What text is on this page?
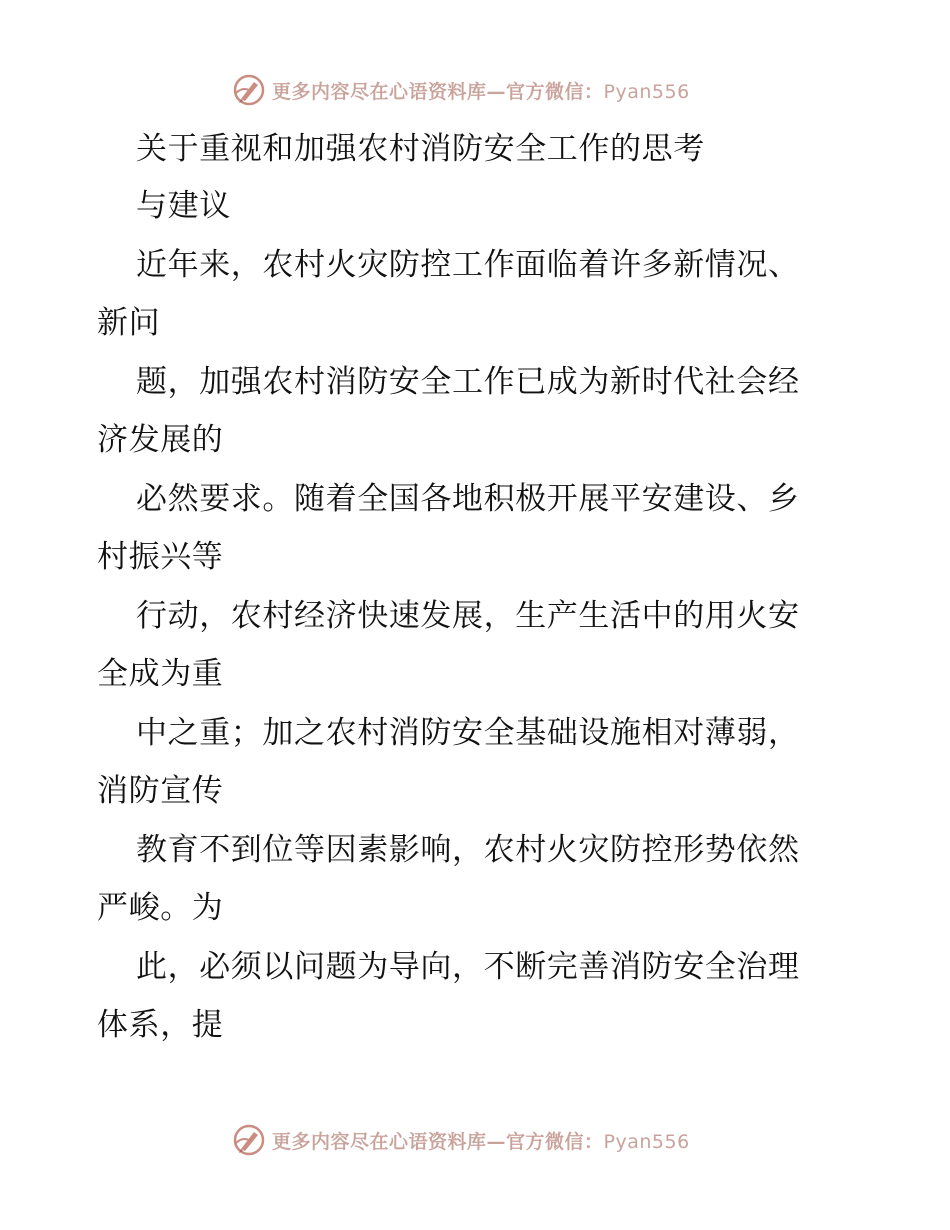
更多内容尽在心语资料库—官方微信：Pyan556
关于重视和加强农村消防安全工作的思考
与建议
近年来，农村火灾防控工作面临着许多新情况、
新问
题，加强农村消防安全工作已成为新时代社会经
济发展的
必然要求。随着全国各地积极开展平安建设、乡
村振兴等
行动，农村经济快速发展，生产生活中的用火安
全成为重
中之重；加之农村消防安全基础设施相对薄弱，
消防宣传
教育不到位等因素影响，农村火灾防控形势依然
严峻。为
此，必须以问题为导向，不断完善消防安全治理
体系，提
更多内容尽在心语资料库—官方微信：Pyan556
